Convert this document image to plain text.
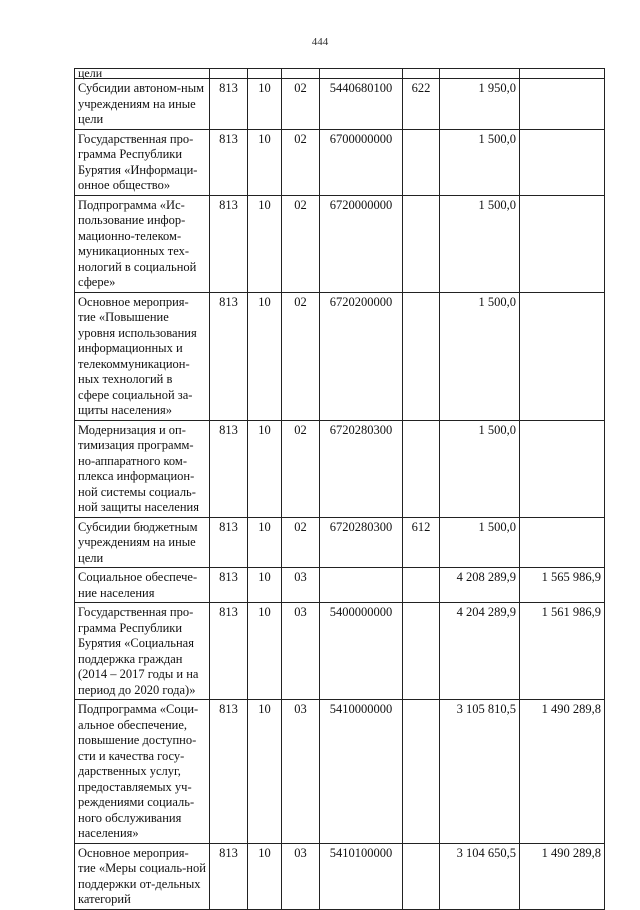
444
цели							
Субсидии автоном-ным учреждениям на иные цели	813	10	02	5440680100	622	1 950,0	
Государственная про-грамма Республики Бурятия «Информаци-онное общество»	813	10	02	6700000000		1 500,0	
Подпрограмма «Ис-пользование инфор-мационно-телеком-муникационных тех-нологий в социальной сфере»	813	10	02	6720000000		1 500,0	
Основное мероприя-тие «Повышение уровня использования информационных и телекоммуникацион-ных технологий в сфере социальной за-щиты населения»	813	10	02	6720200000		1 500,0	
Модернизация и оп-тимизация программ-но-аппаратного ком-плекса информацион-ной системы социаль-ной защиты населения	813	10	02	6720280300		1 500,0	
Субсидии бюджетным учреждениям на иные цели	813	10	02	6720280300	612	1 500,0	
Социальное обеспече-ние населения	813	10	03			4 208 289,9	1 565 986,9
Государственная про-грамма Республики Бурятия «Социальная поддержка граждан (2014 – 2017 годы и на период до 2020 года)»	813	10	03	5400000000		4 204 289,9	1 561 986,9
Подпрограмма «Соци-альное обеспечение, повышение доступно-сти и качества госу-дарственных услуг, предоставляемых уч-реждениями социаль-ного обслуживания населения»	813	10	03	5410000000		3 105 810,5	1 490 289,8
Основное мероприя-тие «Меры социаль-ной поддержки от-дельных категорий	813	10	03	5410100000		3 104 650,5	1 490 289,8
